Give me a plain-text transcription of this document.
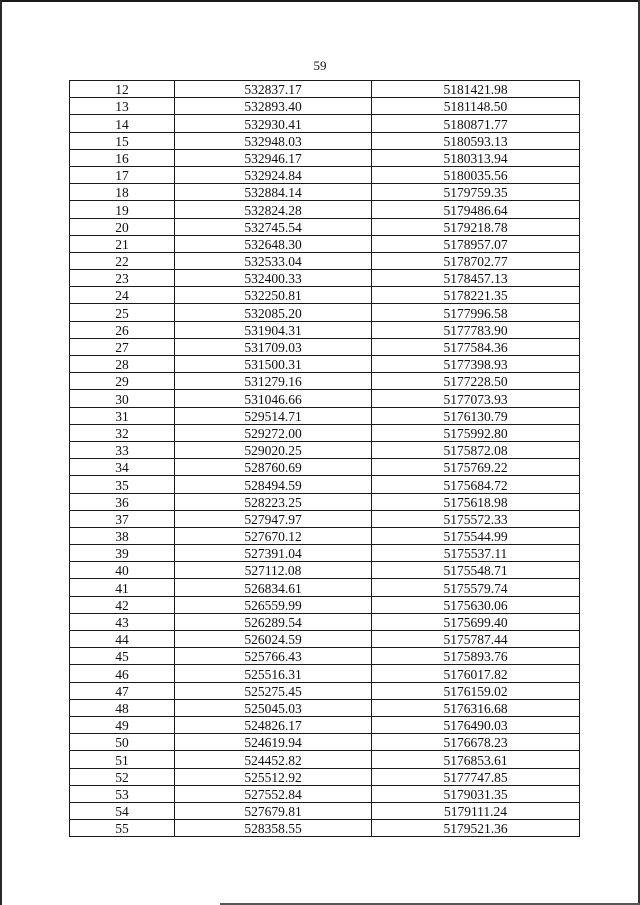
59
12	532837.17	5181421.98
13	532893.40	5181148.50
14	532930.41	5180871.77
15	532948.03	5180593.13
16	532946.17	5180313.94
17	532924.84	5180035.56
18	532884.14	5179759.35
19	532824.28	5179486.64
20	532745.54	5179218.78
21	532648.30	5178957.07
22	532533.04	5178702.77
23	532400.33	5178457.13
24	532250.81	5178221.35
25	532085.20	5177996.58
26	531904.31	5177783.90
27	531709.03	5177584.36
28	531500.31	5177398.93
29	531279.16	5177228.50
30	531046.66	5177073.93
31	529514.71	5176130.79
32	529272.00	5175992.80
33	529020.25	5175872.08
34	528760.69	5175769.22
35	528494.59	5175684.72
36	528223.25	5175618.98
37	527947.97	5175572.33
38	527670.12	5175544.99
39	527391.04	5175537.11
40	527112.08	5175548.71
41	526834.61	5175579.74
42	526559.99	5175630.06
43	526289.54	5175699.40
44	526024.59	5175787.44
45	525766.43	5175893.76
46	525516.31	5176017.82
47	525275.45	5176159.02
48	525045.03	5176316.68
49	524826.17	5176490.03
50	524619.94	5176678.23
51	524452.82	5176853.61
52	525512.92	5177747.85
53	527552.84	5179031.35
54	527679.81	5179111.24
55	528358.55	5179521.36
